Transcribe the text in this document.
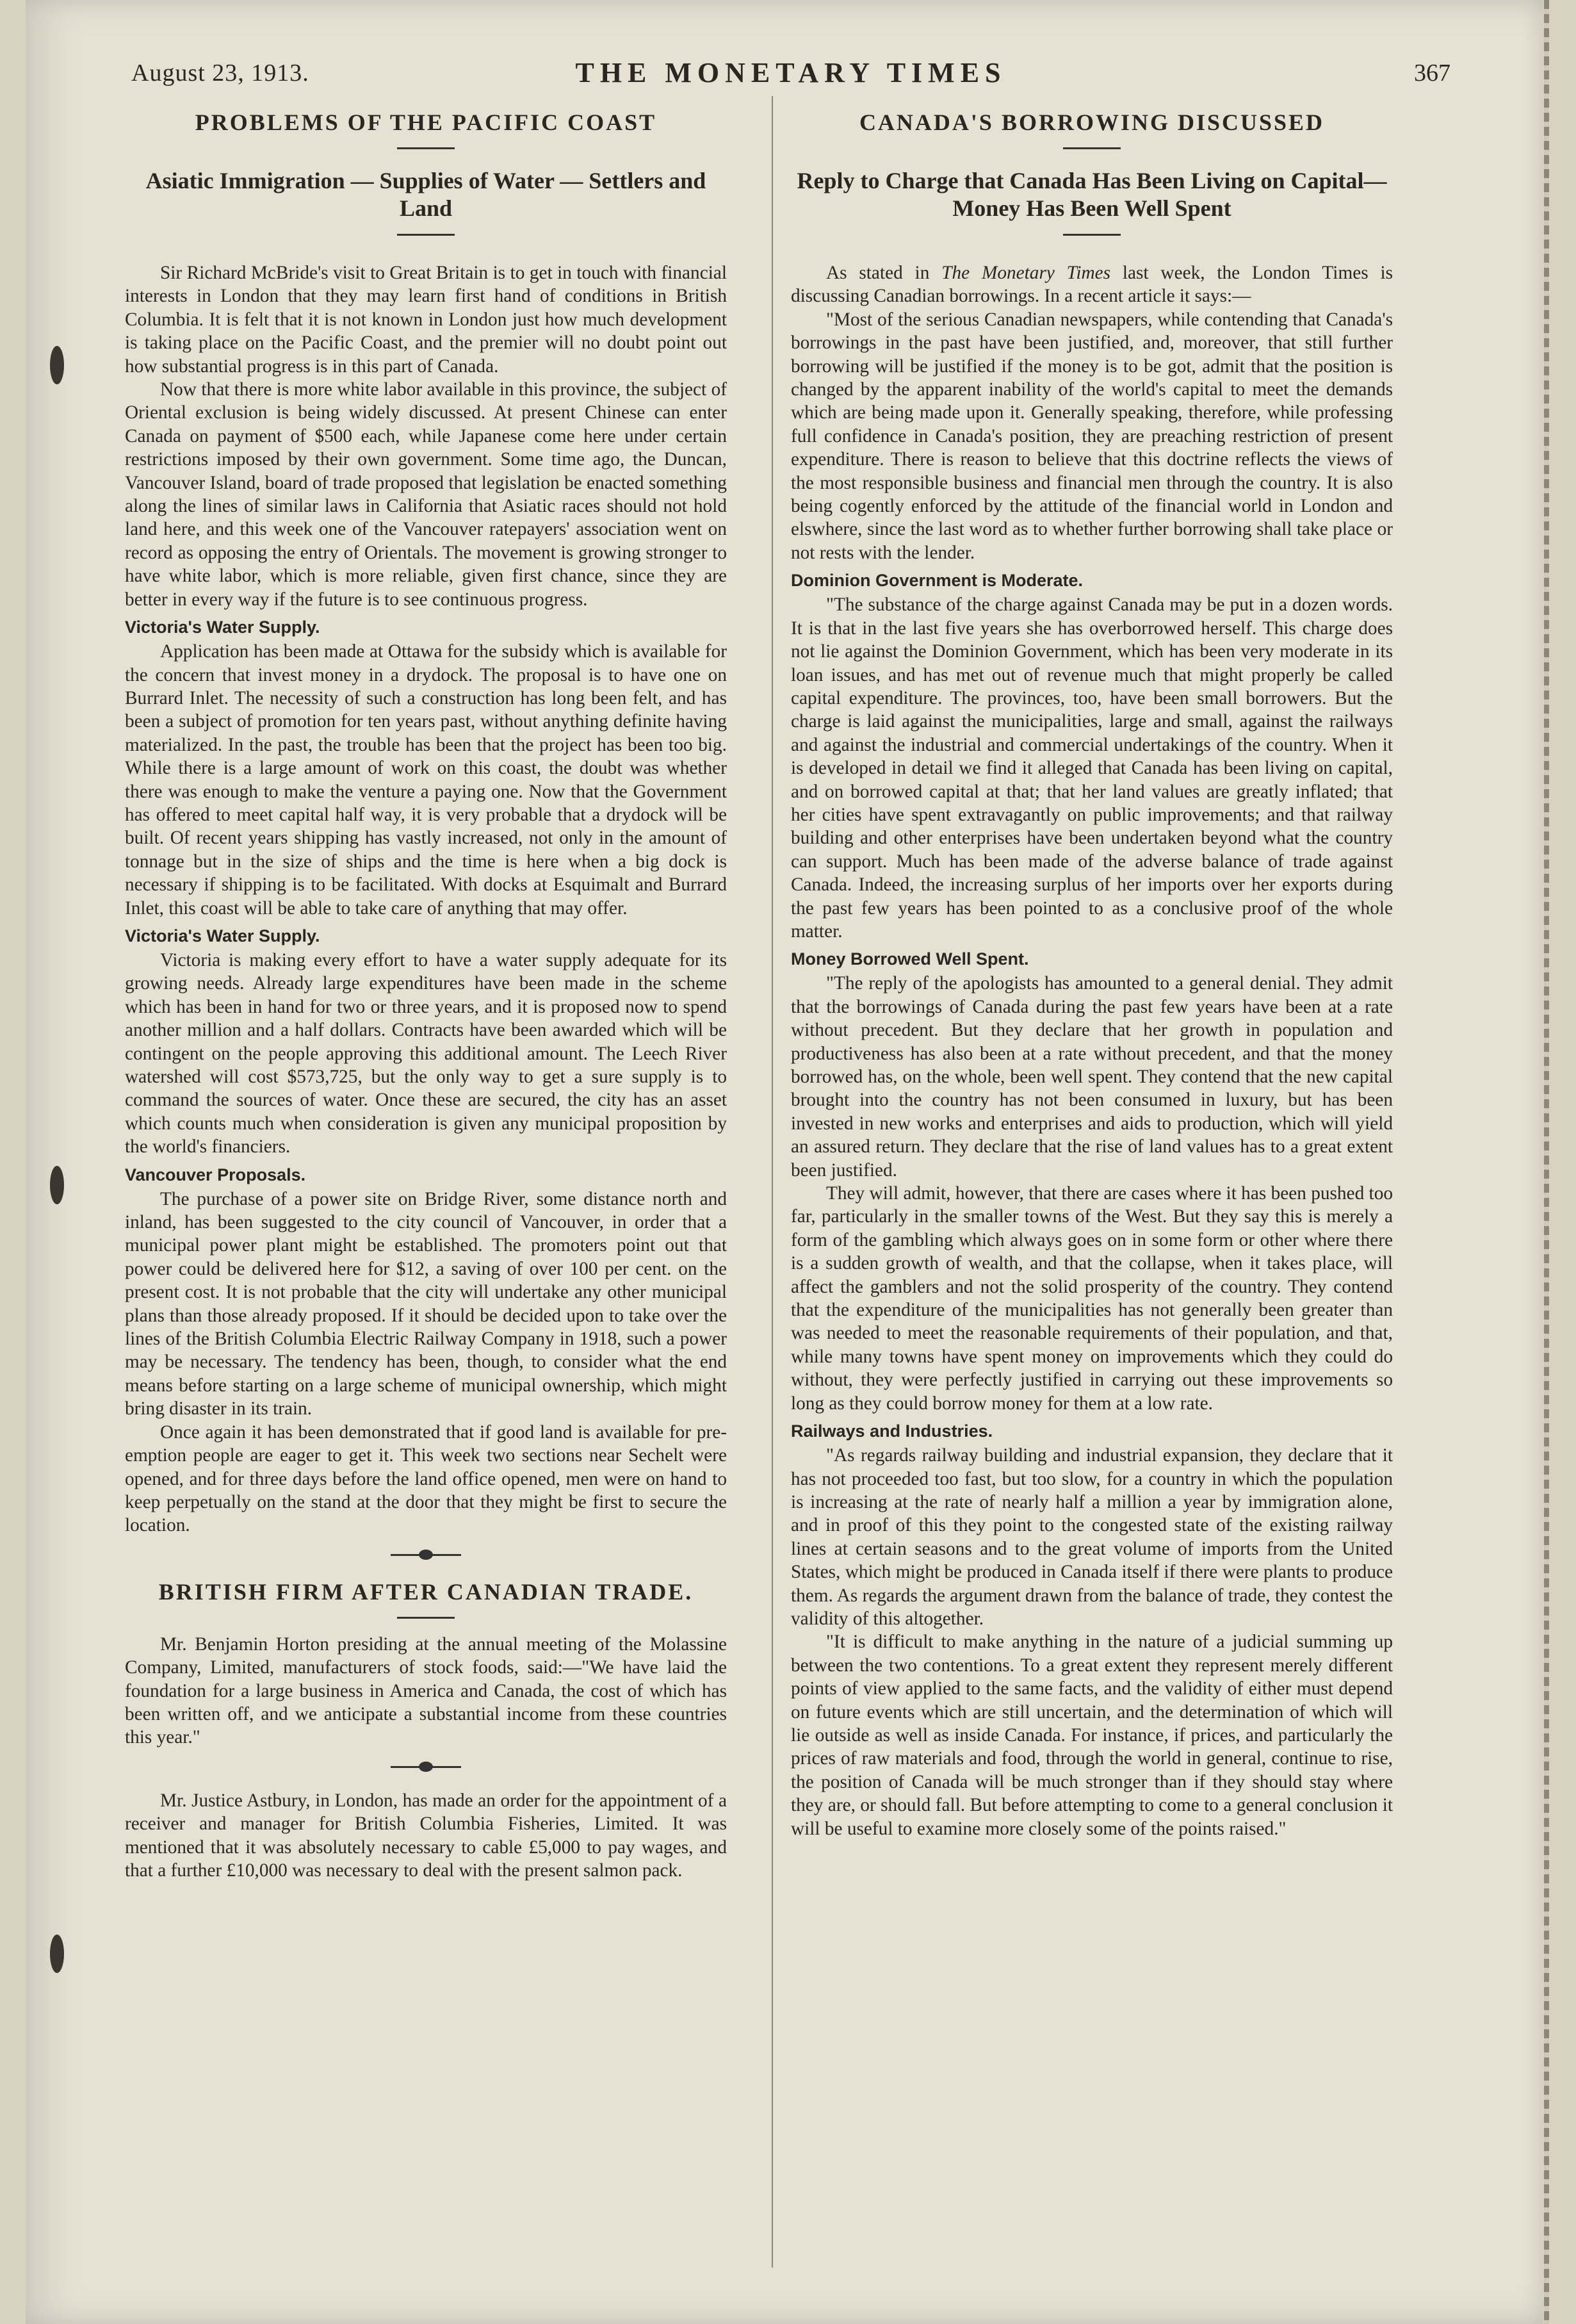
August 23, 1913.	THE MONETARY TIMES	367
PROBLEMS OF THE PACIFIC COAST
Asiatic Immigration — Supplies of Water — Settlers and Land

Sir Richard McBride's visit to Great Britain is to get in touch with financial interests in London that they may learn first hand of conditions in British Columbia. It is felt that it is not known in London just how much development is taking place on the Pacific Coast, and the premier will no doubt point out how substantial progress is in this part of Canada.

Now that there is more white labor available in this province, the subject of Oriental exclusion is being widely discussed. At present Chinese can enter Canada on payment of $500 each, while Japanese come here under certain restrictions imposed by their own government. Some time ago, the Duncan, Vancouver Island, board of trade proposed that legislation be enacted something along the lines of similar laws in California that Asiatic races should not hold land here, and this week one of the Vancouver ratepayers' association went on record as opposing the entry of Orientals. The movement is growing stronger to have white labor, which is more reliable, given first chance, since they are better in every way if the future is to see continuous progress.

Victoria's Water Supply.

Application has been made at Ottawa for the subsidy which is available for the concern that invest money in a drydock. The proposal is to have one on Burrard Inlet. The necessity of such a construction has long been felt, and has been a subject of promotion for ten years past, without anything definite having materialized. In the past, the trouble has been that the project has been too big. While there is a large amount of work on this coast, the doubt was whether there was enough to make the venture a paying one. Now that the Government has offered to meet capital half way, it is very probable that a drydock will be built. Of recent years shipping has vastly increased, not only in the amount of tonnage but in the size of ships and the time is here when a big dock is necessary if shipping is to be facilitated. With docks at Esquimalt and Burrard Inlet, this coast will be able to take care of anything that may offer.

Victoria's Water Supply.

Victoria is making every effort to have a water supply adequate for its growing needs. Already large expenditures have been made in the scheme which has been in hand for two or three years, and it is proposed now to spend another million and a half dollars. Contracts have been awarded which will be contingent on the people approving this additional amount. The Leech River watershed will cost $573,725, but the only way to get a sure supply is to command the sources of water. Once these are secured, the city has an asset which counts much when consideration is given any municipal proposition by the world's financiers.

Vancouver Proposals.

The purchase of a power site on Bridge River, some distance north and inland, has been suggested to the city council of Vancouver, in order that a municipal power plant might be established. The promoters point out that power could be delivered here for $12, a saving of over 100 per cent. on the present cost. It is not probable that the city will undertake any other municipal plans than those already proposed. If it should be decided upon to take over the lines of the British Columbia Electric Railway Company in 1918, such a power may be necessary. The tendency has been, though, to consider what the end means before starting on a large scheme of municipal ownership, which might bring disaster in its train.

Once again it has been demonstrated that if good land is available for pre-emption people are eager to get it. This week two sections near Sechelt were opened, and for three days before the land office opened, men were on hand to keep perpetually on the stand at the door that they might be first to secure the location.

BRITISH FIRM AFTER CANADIAN TRADE.

Mr. Benjamin Horton presiding at the annual meeting of the Molassine Company, Limited, manufacturers of stock foods, said:—"We have laid the foundation for a large business in America and Canada, the cost of which has been written off, and we anticipate a substantial income from these countries this year."

Mr. Justice Astbury, in London, has made an order for the appointment of a receiver and manager for British Columbia Fisheries, Limited. It was mentioned that it was absolutely necessary to cable £5,000 to pay wages, and that a further £10,000 was necessary to deal with the present salmon pack.

CANADA'S BORROWING DISCUSSED
Reply to Charge that Canada Has Been Living on Capital—Money Has Been Well Spent

As stated in The Monetary Times last week, the London Times is discussing Canadian borrowings. In a recent article it says:—

"Most of the serious Canadian newspapers, while contending that Canada's borrowings in the past have been justified, and, moreover, that still further borrowing will be justified if the money is to be got, admit that the position is changed by the apparent inability of the world's capital to meet the demands which are being made upon it. Generally speaking, therefore, while professing full confidence in Canada's position, they are preaching restriction of present expenditure. There is reason to believe that this doctrine reflects the views of the most responsible business and financial men through the country. It is also being cogently enforced by the attitude of the financial world in London and elswhere, since the last word as to whether further borrowing shall take place or not rests with the lender.

Dominion Government is Moderate.

"The substance of the charge against Canada may be put in a dozen words. It is that in the last five years she has overborrowed herself. This charge does not lie against the Dominion Government, which has been very moderate in its loan issues, and has met out of revenue much that might properly be called capital expenditure. The provinces, too, have been small borrowers. But the charge is laid against the municipalities, large and small, against the railways and against the industrial and commercial undertakings of the country. When it is developed in detail we find it alleged that Canada has been living on capital, and on borrowed capital at that; that her land values are greatly inflated; that her cities have spent extravagantly on public improvements; and that railway building and other enterprises have been undertaken beyond what the country can support. Much has been made of the adverse balance of trade against Canada. Indeed, the increasing surplus of her imports over her exports during the past few years has been pointed to as a conclusive proof of the whole matter.

Money Borrowed Well Spent.

"The reply of the apologists has amounted to a general denial. They admit that the borrowings of Canada during the past few years have been at a rate without precedent. But they declare that her growth in population and productiveness has also been at a rate without precedent, and that the money borrowed has, on the whole, been well spent. They contend that the new capital brought into the country has not been consumed in luxury, but has been invested in new works and enterprises and aids to production, which will yield an assured return. They declare that the rise of land values has to a great extent been justified.

They will admit, however, that there are cases where it has been pushed too far, particularly in the smaller towns of the West. But they say this is merely a form of the gambling which always goes on in some form or other where there is a sudden growth of wealth, and that the collapse, when it takes place, will affect the gamblers and not the solid prosperity of the country. They contend that the expenditure of the municipalities has not generally been greater than was needed to meet the reasonable requirements of their population, and that, while many towns have spent money on improvements which they could do without, they were perfectly justified in carrying out these improvements so long as they could borrow money for them at a low rate.

Railways and Industries.

"As regards railway building and industrial expansion, they declare that it has not proceeded too fast, but too slow, for a country in which the population is increasing at the rate of nearly half a million a year by immigration alone, and in proof of this they point to the congested state of the existing railway lines at certain seasons and to the great volume of imports from the United States, which might be produced in Canada itself if there were plants to produce them. As regards the argument drawn from the balance of trade, they contest the validity of this altogether.

"It is difficult to make anything in the nature of a judicial summing up between the two contentions. To a great extent they represent merely different points of view applied to the same facts, and the validity of either must depend on future events which are still uncertain, and the determination of which will lie outside as well as inside Canada. For instance, if prices, and particularly the prices of raw materials and food, through the world in general, continue to rise, the position of Canada will be much stronger than if they should stay where they are, or should fall. But before attempting to come to a general conclusion it will be useful to examine more closely some of the points raised."
